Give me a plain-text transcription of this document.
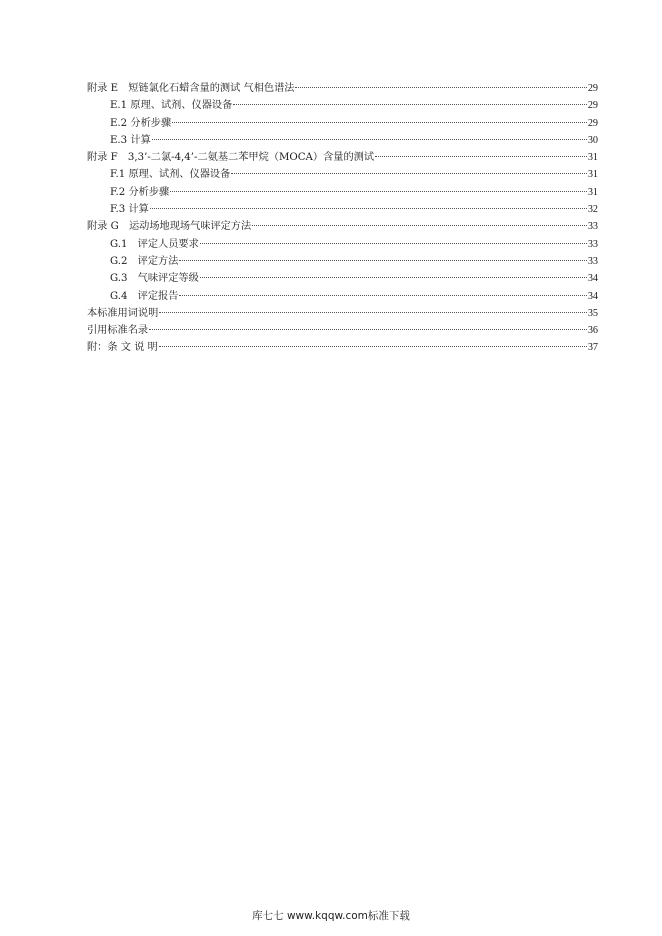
附录 E　短链氯化石蜡含量的测试 气相色谱法	29
E.1 原理、试剂、仪器设备	29
E.2 分析步骤	29
E.3 计算	30
附录 F　3,3’-二氯-4,4’-二氨基二苯甲烷（MOCA）含量的测试	31
F.1 原理、试剂、仪器设备	31
F.2 分析步骤	31
F.3 计算	32
附录 G　运动场地现场气味评定方法	33
G.1　评定人员要求	33
G.2　评定方法	33
G.3　气味评定等级	34
G.4　评定报告	34
本标准用词说明	35
引用标准名录	36
附：条 文 说 明	37
库七七 www.kqqw.com标准下载
